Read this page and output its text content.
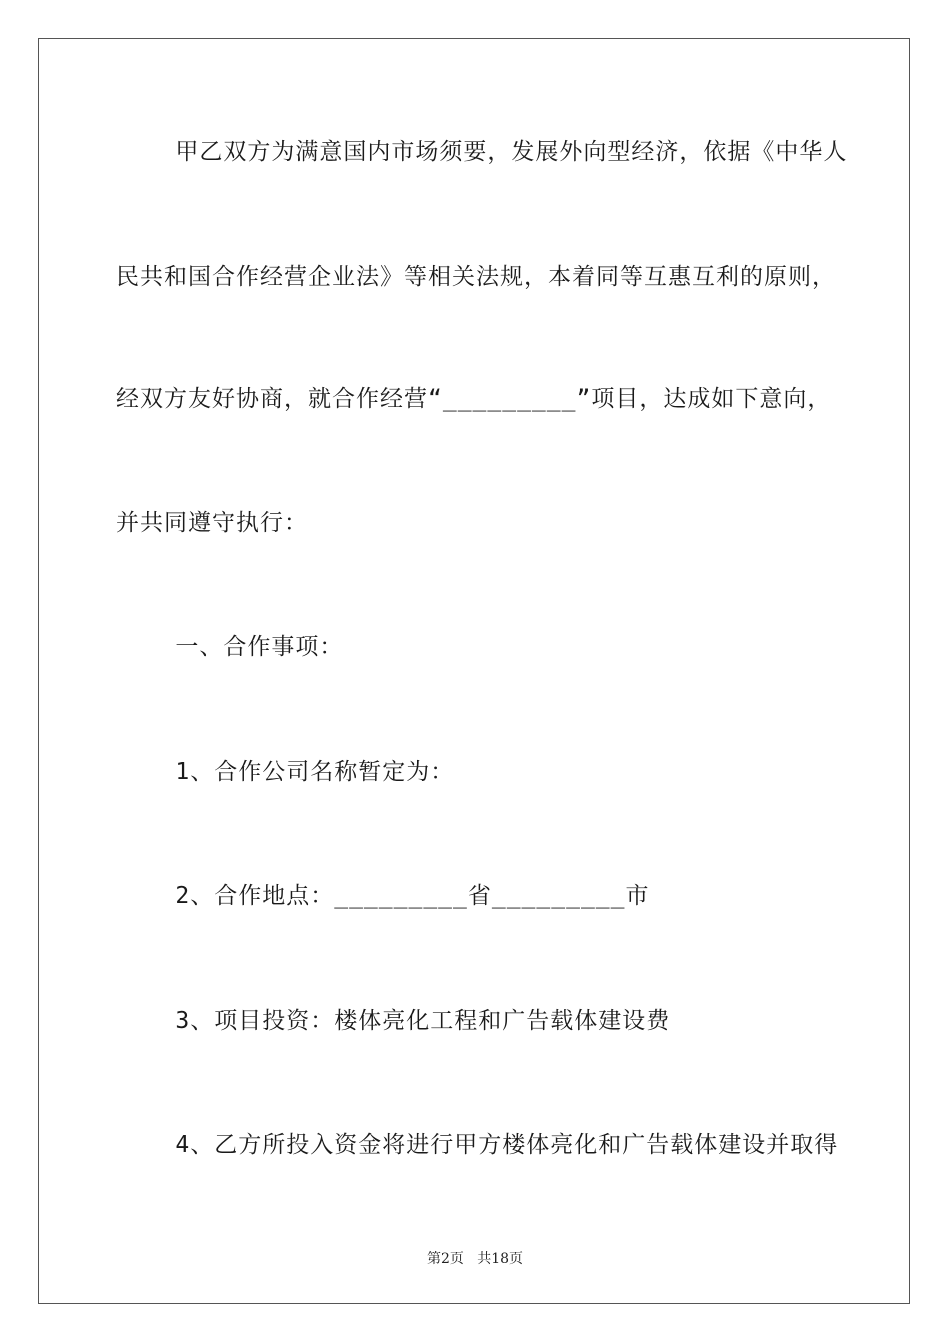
甲乙双方为满意国内市场须要，发展外向型经济，依据《中华人
民共和国合作经营企业法》等相关法规，本着同等互惠互利的原则，
经双方友好协商，就合作经营“_________”项目，达成如下意向，
并共同遵守执行：
一、合作事项：
1、合作公司名称暂定为：
2、合作地点：_________省_________市
3、项目投资：楼体亮化工程和广告载体建设费
4、乙方所投入资金将进行甲方楼体亮化和广告载体建设并取得
第2页   共18页
